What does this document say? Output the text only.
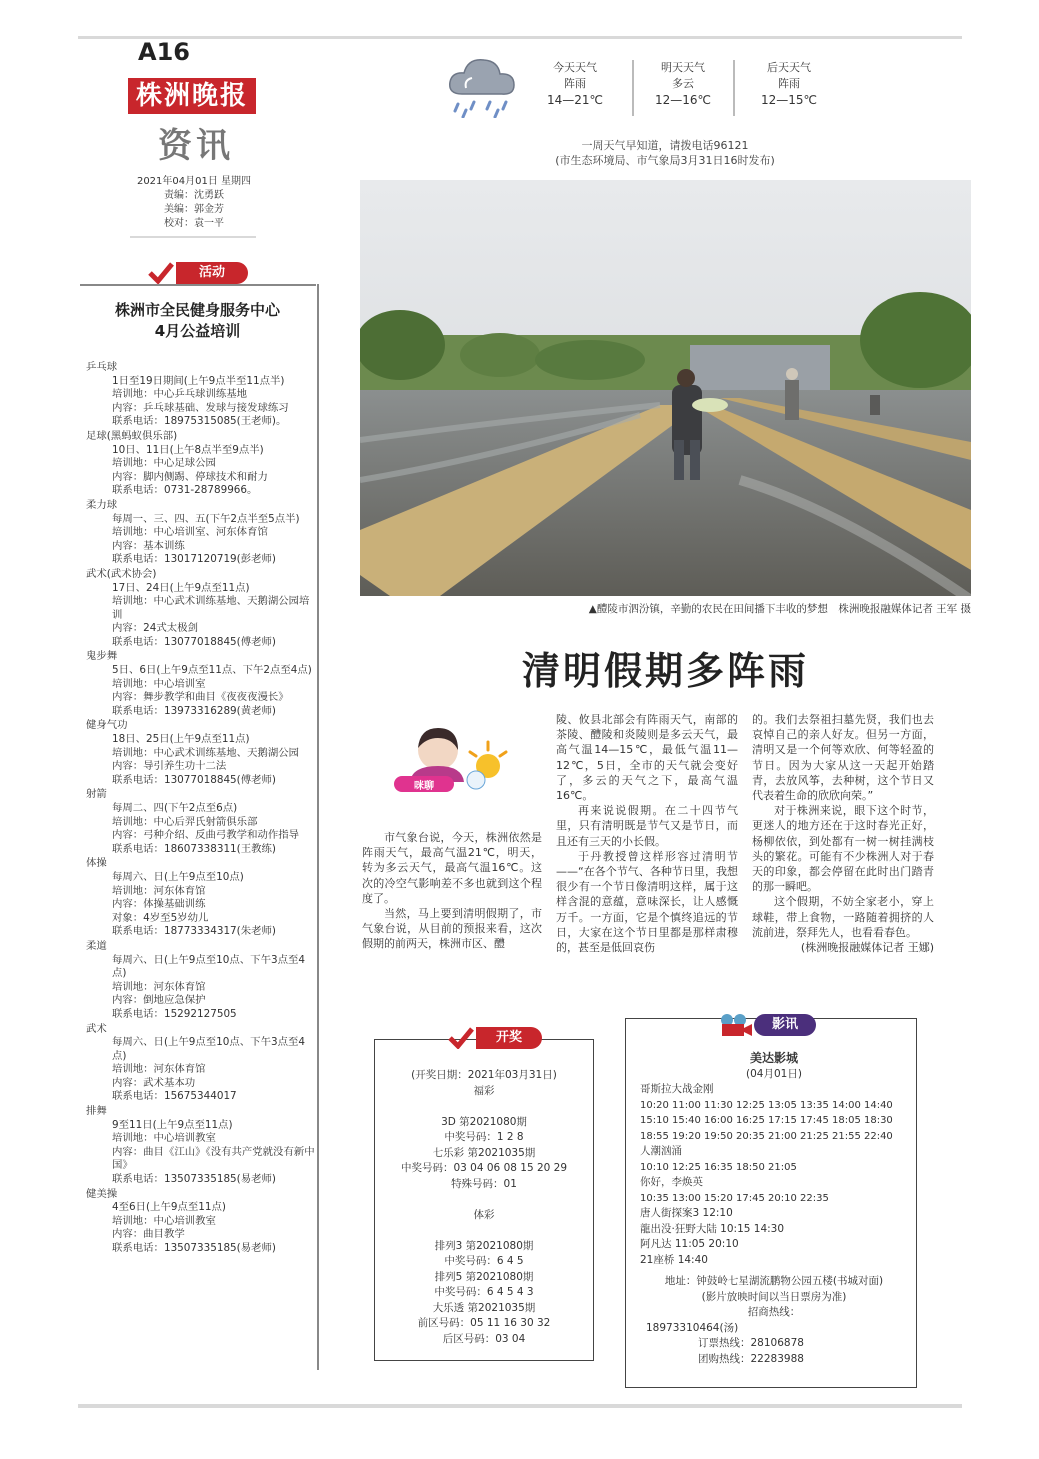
A16
株洲晚报
资讯
2021年04月01日 星期四
责编：沈勇跃
美编：郭金芳
校对：袁一平
活动
株洲市全民健身服务中心
4月公益培训
乒乓球
1日至19日期间(上午9点半至11点半)
培训地：中心乒乓球训练基地
内容：乒乓球基础、发球与接发球练习
联系电话：18975315085(王老师)。
足球(黑蚂蚁俱乐部)
10日、11日(上午8点半至9点半)
培训地：中心足球公园
内容：脚内侧踢、停球技术和耐力
联系电话：0731-28789966。
柔力球
每周一、三、四、五(下午2点半至5点半)
培训地：中心培训室、河东体育馆
内容：基本训练
联系电话：13017120719(彭老师)
武术(武术协会)
17日、24日(上午9点至11点)
培训地：中心武术训练基地、天鹅湖公园培训
内容：24式太极剑
联系电话：13077018845(傅老师)
鬼步舞
5日、6日(上午9点至11点、下午2点至4点)
培训地：中心培训室
内容：舞步教学和曲目《夜夜夜漫长》
联系电话：13973316289(黄老师)
健身气功
18日、25日(上午9点至11点)
培训地：中心武术训练基地、天鹅湖公园
内容：导引养生功十二法
联系电话：13077018845(傅老师)
射箭
每周二、四(下午2点至6点)
培训地：中心后羿氏射箭俱乐部
内容：弓种介绍、反曲弓教学和动作指导
联系电话：18607338311(王教练)
体操
每周六、日(上午9点至10点)
培训地：河东体育馆
内容：体操基础训练
对象：4岁至5岁幼儿
联系电话：18773334317(朱老师)
柔道
每周六、日(上午9点至10点、下午3点至4点)
培训地：河东体育馆
内容：倒地应急保护
联系电话：15292127505
武术
每周六、日(上午9点至10点、下午3点至4点)
培训地：河东体育馆
内容：武术基本功
联系电话：15675344017
排舞
9至11日(上午9点至11点)
培训地：中心培训教室
内容：曲目《江山》《没有共产党就没有新中国》
联系电话：13507335185(易老师)
健美操
4至6日(上午9点至11点)
培训地：中心培训教室
内容：曲目教学
联系电话：13507335185(易老师)
今天天气
阵雨
14—21℃
明天天气
多云
12—16℃
后天天气
阵雨
12—15℃
一周天气早知道，请拨电话96121
(市生态环境局、市气象局3月31日16时发布)
▲醴陵市泗汾镇，辛勤的农民在田间播下丰收的梦想　株洲晚报融媒体记者 王军 摄
清明假期多阵雨
咪聊

市气象台说，今天，株洲依然是阵雨天气，最高气温21℃，明天，转为多云天气，最高气温16℃。这次的冷空气影响差不多也就到这个程度了。

当然，马上要到清明假期了，市气象台说，从目前的预报来看，这次假期的前两天，株洲市区、醴

陵、攸县北部会有阵雨天气，南部的茶陵、醴陵和炎陵则是多云天气，最高气温14—15℃，最低气温11—12℃，5日，全市的天气就会变好了，多云的天气之下，最高气温16℃。

再来说说假期。在二十四节气里，只有清明既是节气又是节日，而且还有三天的小长假。

于丹教授曾这样形容过清明节——“在各个节气、各种节日里，我想很少有一个节日像清明这样，属于这样含混的意蕴，意味深长，让人感慨万千。一方面，它是个慎终追远的节日，大家在这个节日里都是那样肃穆的，甚至是低回哀伤

的。我们去祭祖扫墓先贤，我们也去哀悼自己的亲人好友。但另一方面，清明又是一个何等欢欣、何等轻盈的节日。因为大家从这一天起开始踏青，去放风筝，去种树，这个节日又代表着生命的欣欣向荣。”

对于株洲来说，眼下这个时节，更迷人的地方还在于这时春光正好，杨柳依依，到处都有一树一树挂满枝头的繁花。可能有不少株洲人对于春天的印象，都会停留在此时出门踏青的那一瞬吧。

这个假期，不妨全家老小，穿上球鞋，带上食物，一路随着拥挤的人流前进，祭拜先人，也看看春色。

(株洲晚报融媒体记者 王娜)

(开奖日期：2021年03月31日)
福彩
3D 第2021080期
中奖号码：1 2 8
七乐彩 第2021035期
中奖号码：03 04 06 08 15 20 29
特殊号码：01
体彩
排列3 第2021080期
中奖号码：6 4 5
排列5 第2021080期
中奖号码：6 4 5 4 3
大乐透 第2021035期
前区号码：05 11 16 30 32
后区号码：03 04
开奖
美达影城
(04月01日)
哥斯拉大战金刚
10:20 11:00 11:30 12:25 13:05 13:35 14:00 14:40
15:10 15:40 16:00 16:25 17:15 17:45 18:05 18:30
18:55 19:20 19:50 20:35 21:00 21:25 21:55 22:40
人潮汹涌
10:10 12:25 16:35 18:50 21:05
你好，李焕英
10:35 13:00 15:20 17:45 20:10 22:35
唐人街探案3 12:10
龍出没·狂野大陆 10:15 14:30
阿凡达 11:05 20:10
21座桥 14:40
地址：钟鼓岭七星湖流鹏物公园五楼(书城对面)
(影片放映时间以当日票房为准)
招商热线：
18973310464(汤)
订票热线：28106878
团购热线：22283988
影讯
